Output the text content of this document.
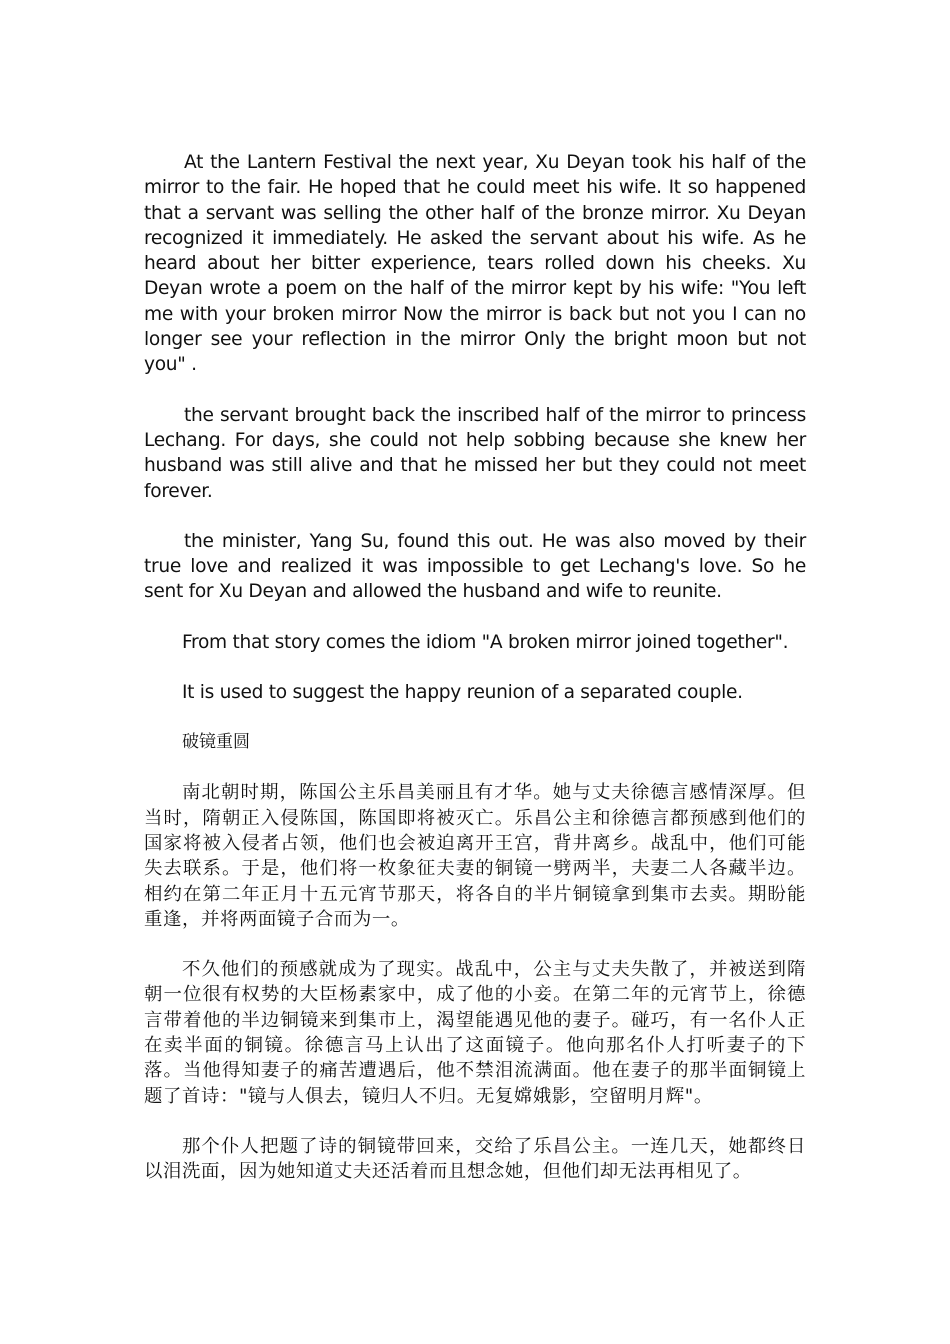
At the Lantern Festival the next year, Xu Deyan took his half of the mirror to the fair. He hoped that he could meet his wife. It so happened that a servant was selling the other half of the bronze mirror. Xu Deyan recognized it immediately. He asked the servant about his wife. As he heard about her bitter experience, tears rolled down his cheeks. Xu Deyan wrote a poem on the half of the mirror kept by his wife: "You left me with your broken mirror Now the mirror is back but not you I can no longer see your reflection in the mirror Only the bright moon but not you" .

the servant brought back the inscribed half of the mirror to princess Lechang. For days, she could not help sobbing because she knew her husband was still alive and that he missed her but they could not meet forever.

the minister, Yang Su, found this out. He was also moved by their true love and realized it was impossible to get Lechang's love. So he sent for Xu Deyan and allowed the husband and wife to reunite.

From that story comes the idiom "A broken mirror joined together".

It is used to suggest the happy reunion of a separated couple.

破镜重圆

南北朝时期，陈国公主乐昌美丽且有才华。她与丈夫徐德言感情深厚。但当时，隋朝正入侵陈国，陈国即将被灭亡。乐昌公主和徐德言都预感到他们的国家将被入侵者占领，他们也会被迫离开王宫，背井离乡。战乱中，他们可能失去联系。于是，他们将一枚象征夫妻的铜镜一劈两半，夫妻二人各藏半边。相约在第二年正月十五元宵节那天，将各自的半片铜镜拿到集市去卖。期盼能重逢，并将两面镜子合而为一。

不久他们的预感就成为了现实。战乱中，公主与丈夫失散了，并被送到隋朝一位很有权势的大臣杨素家中，成了他的小妾。在第二年的元宵节上，徐德言带着他的半边铜镜来到集市上，渴望能遇见他的妻子。碰巧，有一名仆人正在卖半面的铜镜。徐德言马上认出了这面镜子。他向那名仆人打听妻子的下落。当他得知妻子的痛苦遭遇后，他不禁泪流满面。他在妻子的那半面铜镜上题了首诗："镜与人俱去，镜归人不归。无复嫦娥影，空留明月辉"。

那个仆人把题了诗的铜镜带回来，交给了乐昌公主。一连几天，她都终日以泪洗面，因为她知道丈夫还活着而且想念她，但他们却无法再相见了。
